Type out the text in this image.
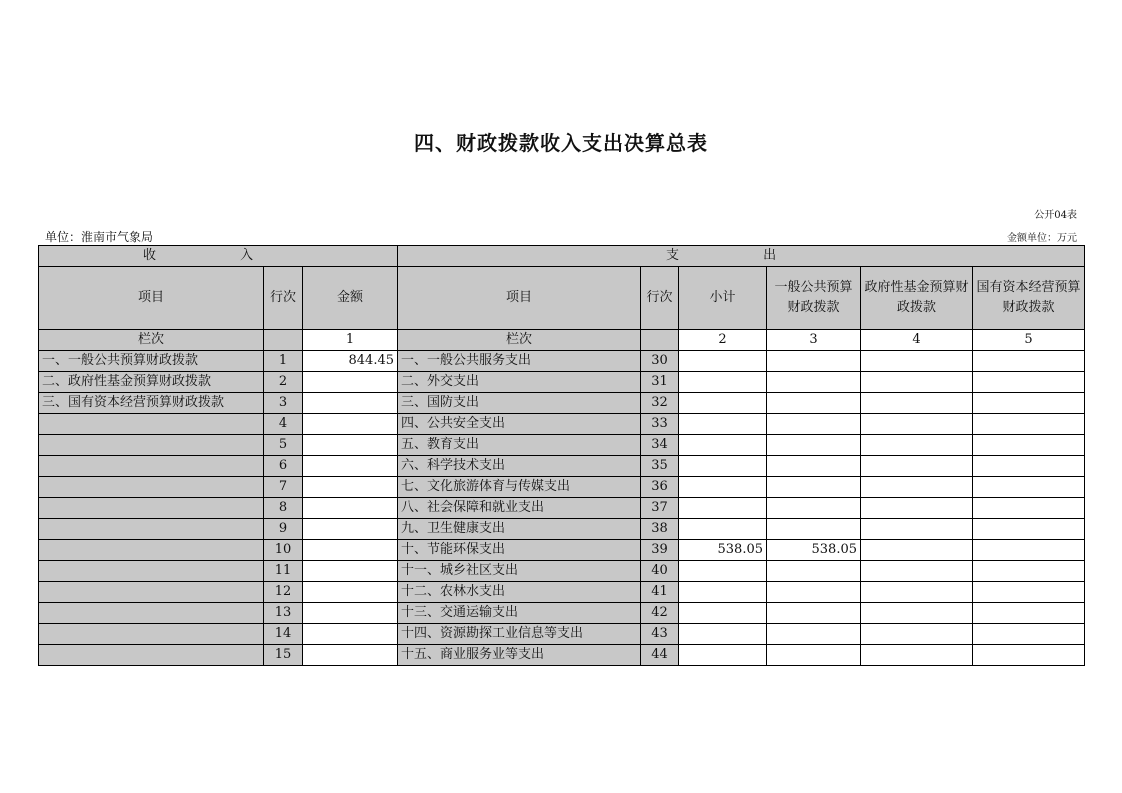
四、财政拨款收入支出决算总表
公开04表
单位：淮南市气象局	金额单位：万元
收 入			支 出					
项目	行次	金额	项目	行次	小计	一般公共预算财政拨款	政府性基金预算财政拨款	国有资本经营预算财政拨款
栏次		1	栏次		2	3	4	5
一、一般公共预算财政拨款	1	844.45	一、一般公共服务支出	30				
二、政府性基金预算财政拨款	2		二、外交支出	31				
三、国有资本经营预算财政拨款	3		三、国防支出	32				
	4		四、公共安全支出	33				
	5		五、教育支出	34				
	6		六、科学技术支出	35				
	7		七、文化旅游体育与传媒支出	36				
	8		八、社会保障和就业支出	37				
	9		九、卫生健康支出	38				
	10		十、节能环保支出	39	538.05	538.05		
	11		十一、城乡社区支出	40				
	12		十二、农林水支出	41				
	13		十三、交通运输支出	42				
	14		十四、资源勘探工业信息等支出	43				
	15		十五、商业服务业等支出	44				
